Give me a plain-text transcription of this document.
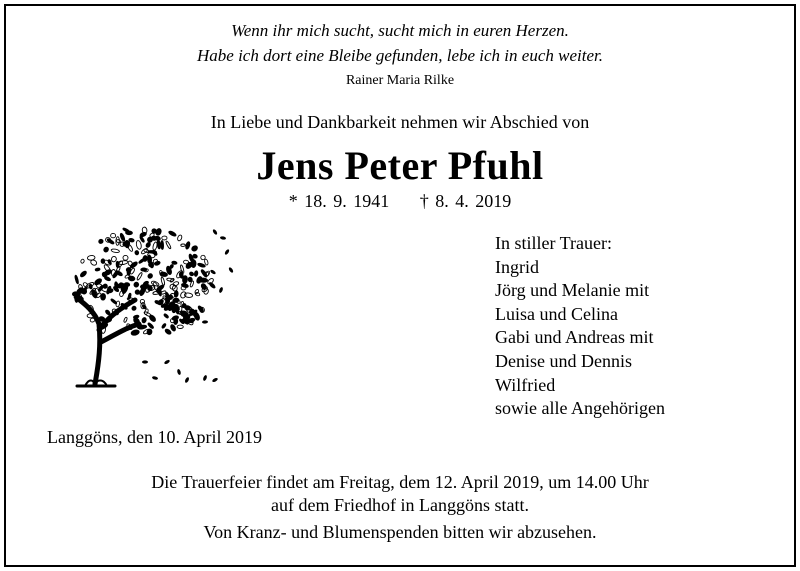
Wenn ihr mich sucht, sucht mich in euren Herzen.
Habe ich dort eine Bleibe gefunden, lebe ich in euch weiter.
Rainer Maria Rilke
In Liebe und Dankbarkeit nehmen wir Abschied von
Jens Peter Pfuhl
* 18. 9. 1941 † 8. 4. 2019
In stiller Trauer:
Ingrid
Jörg und Melanie mit
Luisa und Celina
Gabi und Andreas mit
Denise und Dennis
Wilfried
sowie alle Angehörigen
Langgöns, den 10. April 2019
Die Trauerfeier findet am Freitag, dem 12. April 2019, um 14.00 Uhr
auf dem Friedhof in Langgöns statt.
Von Kranz- und Blumenspenden bitten wir abzusehen.
